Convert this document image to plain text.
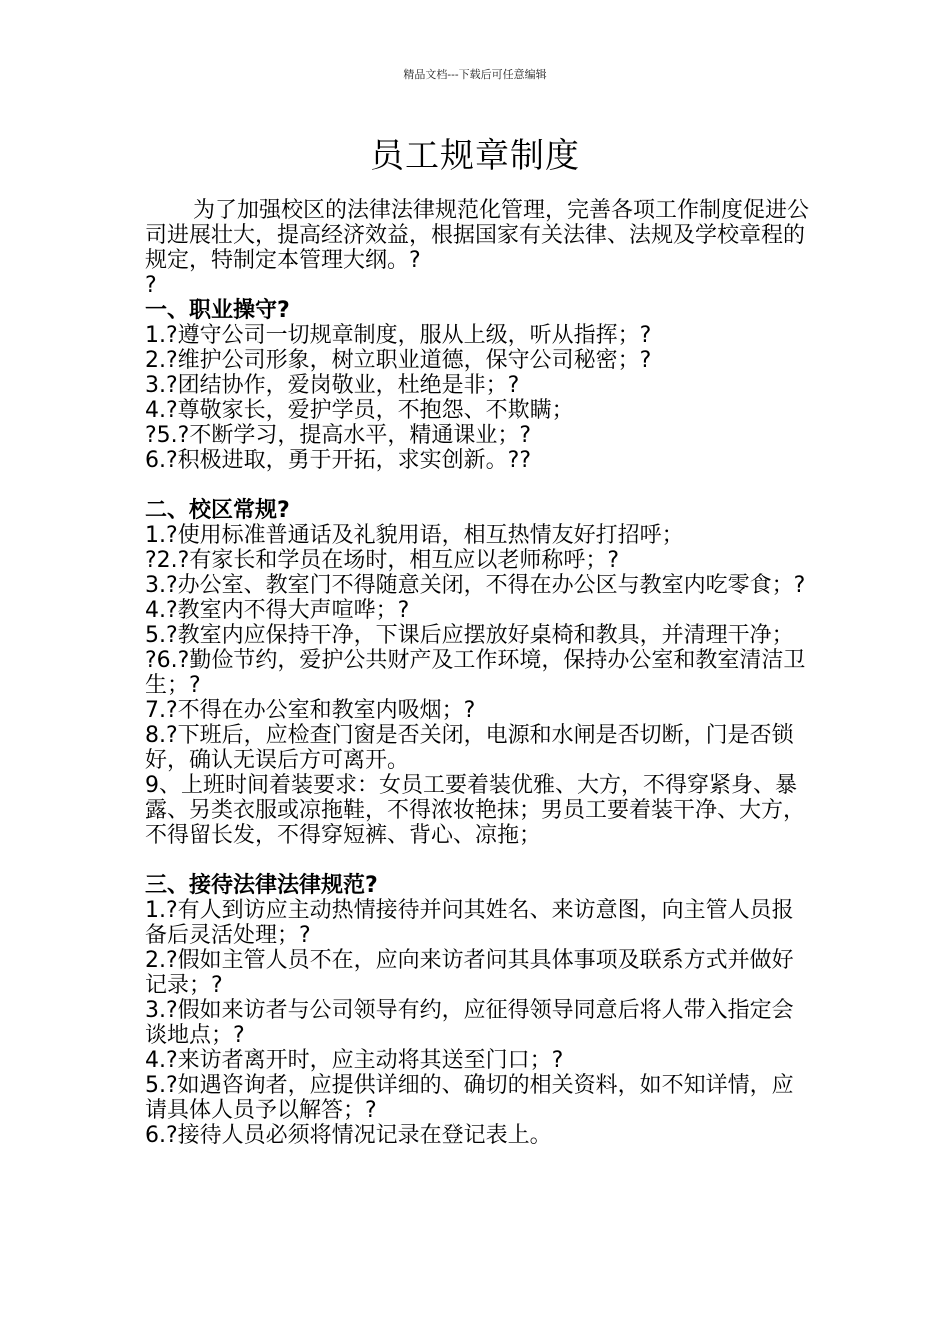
精品文档---下载后可任意编辑
员工规章制度

为了加强校区的法律法律规范化管理，完善各项工作制度促进公司进展壮大，提高经济效益，根据国家有关法律、法规及学校章程的规定，特制定本管理大纲。?

?

一、职业操守?

1.?遵守公司一切规章制度，服从上级，听从指挥；?

2.?维护公司形象，树立职业道德，保守公司秘密；?

3.?团结协作，爱岗敬业，杜绝是非；?

4.?尊敬家长，爱护学员，不抱怨、不欺瞒；

?5.?不断学习，提高水平，精通课业；?

6.?积极进取，勇于开拓，求实创新。??

二、校区常规?

1.?使用标准普通话及礼貌用语，相互热情友好打招呼；

?2.?有家长和学员在场时，相互应以老师称呼；?

3.?办公室、教室门不得随意关闭，不得在办公区与教室内吃零食；?

4.?教室内不得大声喧哗；?

5.?教室内应保持干净，下课后应摆放好桌椅和教具，并清理干净；

?6.?勤俭节约，爱护公共财产及工作环境，保持办公室和教室清洁卫生；?

7.?不得在办公室和教室内吸烟；?

8.?下班后，应检查门窗是否关闭，电源和水闸是否切断，门是否锁好，确认无误后方可离开。

9、上班时间着装要求：女员工要着装优雅、大方，不得穿紧身、暴露、另类衣服或凉拖鞋，不得浓妆艳抹；男员工要着装干净、大方，不得留长发，不得穿短裤、背心、凉拖；

三、接待法律法律规范?

1.?有人到访应主动热情接待并问其姓名、来访意图，向主管人员报备后灵活处理；?

2.?假如主管人员不在，应向来访者问其具体事项及联系方式并做好记录；?

3.?假如来访者与公司领导有约，应征得领导同意后将人带入指定会谈地点；?

4.?来访者离开时，应主动将其送至门口；?

5.?如遇咨询者，应提供详细的、确切的相关资料，如不知详情，应请具体人员予以解答；?

6.?接待人员必须将情况记录在登记表上。
